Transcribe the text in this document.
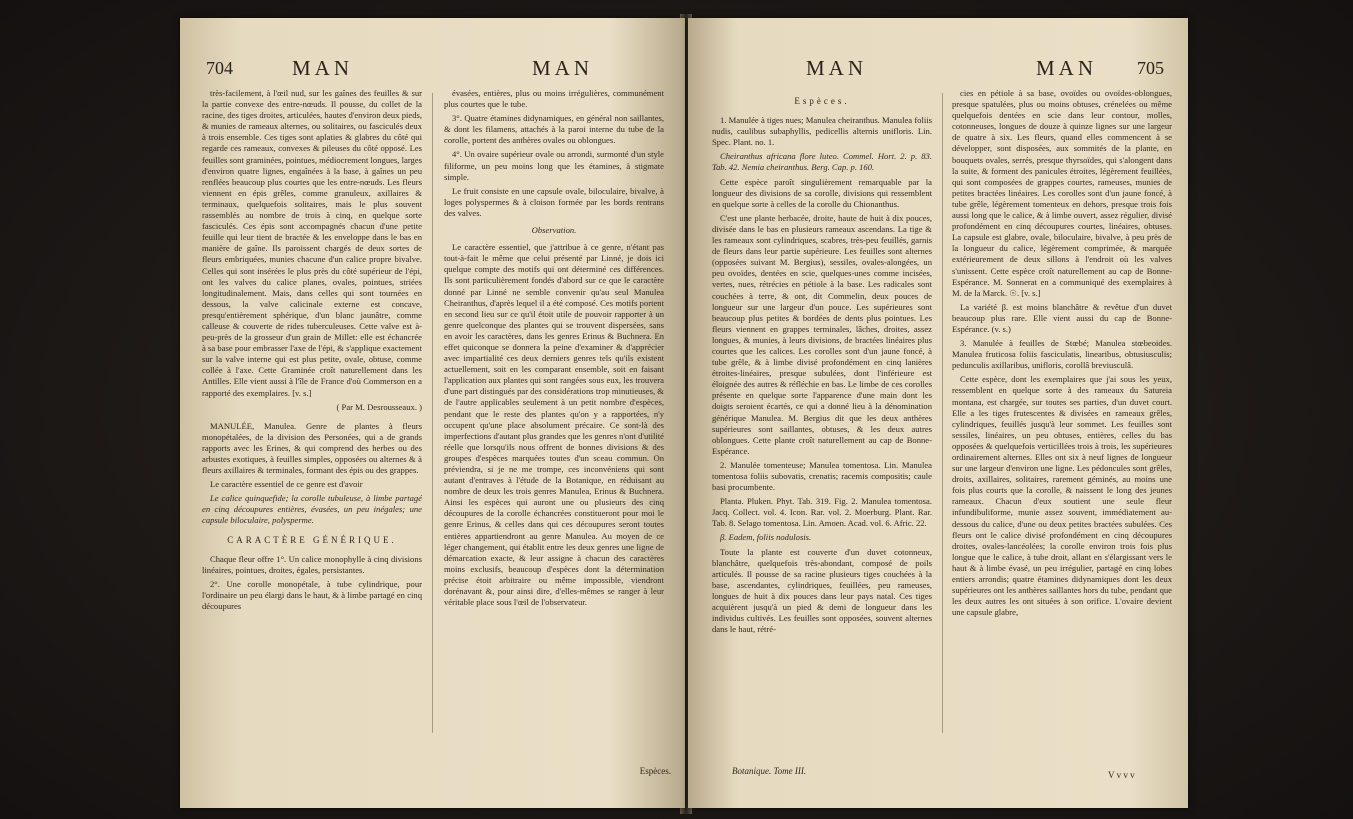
704	MAN	MAN

très-facilement, à l'œil nud, sur les gaînes des feuilles & sur la partie convexe des entre-nœuds. Il pousse, du collet de la racine, des tiges droites, articulées, hautes d'environ deux pieds, & munies de rameaux alternes, ou solitaires, ou fasciculés deux à trois ensemble. Ces tiges sont aplaties & glabres du côté qui regarde ces rameaux, convexes & pileuses du côté opposé. Les feuilles sont graminées, pointues, médiocrement longues, larges d'environ quatre lignes, engaînées à la base, à gaînes un peu renflées beaucoup plus courtes que les entre-nœuds. Les fleurs viennent en épis grêles, comme granuleux, axillaires & terminaux, quelquefois solitaires, mais le plus souvent rassemblés au nombre de trois à cinq, en quelque sorte fasciculés. Ces épis sont accompagnés chacun d'une petite feuille qui leur tient de bractée & les enveloppe dans le bas en manière de gaîne. Ils paroissent chargés de deux sortes de fleurs embriquées, munies chacune d'un calice propre bivalve. Celles qui sont insérées le plus près du côté supérieur de l'épi, ont les valves du calice planes, ovales, pointues, striées longitudinalement. Mais, dans celles qui sont tournées en dessous, la valve calicinale externe est concave, presqu'entièrement sphérique, d'un blanc jaunâtre, comme calleuse & couverte de rides tuberculeuses. Cette valve est à-peu-près de la grosseur d'un grain de Millet: elle est échancrée à sa base pour embrasser l'axe de l'épi, & s'applique exactement sur la valve interne qui est plus petite, ovale, obtuse, comme collée à l'axe. Cette Graminée croît naturellement dans les Antilles. Elle vient aussi à l'île de France d'où Commerson en a rapporté des exemplaires. [v. s.]

( Par M. Desrousseaux. )

MANULÉE, Manulea. Genre de plantes à fleurs monopétalées, de la division des Personées, qui a de grands rapports avec les Erines, & qui comprend des herbes ou des arbustes exotiques, à feuilles simples, opposées ou alternes & à fleurs axillaires & terminales, formant des épis ou des grappes.

Le caractère essentiel de ce genre est d'avoir

Le calice quinquefide; la corolle tubuleuse, à limbe partagé en cinq découpures entières, évasées, un peu inégales; une capsule biloculaire, polysperme.

CARACTÈRE GÉNÉRIQUE.

Chaque fleur offre 1°. Un calice monophylle à cinq divisions linéaires, pointues, droites, égales, persistantes.

2°. Une corolle monopétale, à tube cylindrique, pour l'ordinaire un peu élargi dans le haut, & à limbe partagé en cinq découpures

évasées, entières, plus ou moins irrégulières, communément plus courtes que le tube.

3°. Quatre étamines didynamiques, en général non saillantes, & dont les filamens, attachés à la paroi interne du tube de la corolle, portent des anthères ovales ou oblongues.

4°. Un ovaire supérieur ovale ou arrondi, surmonté d'un style filiforme, un peu moins long que les étamines, à stigmate simple.

Le fruit consiste en une capsule ovale, biloculaire, bivalve, à loges polyspermes & à cloison formée par les bords rentrans des valves.

Observation.

Le caractère essentiel, que j'attribue à ce genre, n'étant pas tout-à-fait le même que celui présenté par Linné, je dois ici quelque compte des motifs qui ont déterminé ces différences. Ils sont particulièrement fondés d'abord sur ce que le caractère donné par Linné ne semble convenir qu'au seul Manulea Cheiranthus, d'après lequel il a été composé. Ces motifs portent en second lieu sur ce qu'il étoit utile de pouvoir rapporter à un genre quelconque des plantes qui se trouvent dispersées, sans en avoir les caractères, dans les genres Erinus & Buchnera. En effet quiconque se donnera la peine d'examiner & d'apprécier avec impartialité ces deux derniers genres tels qu'ils existent actuellement, soit en les comparant ensemble, soit en faisant l'application aux plantes qui sont rangées sous eux, les trouvera d'une part distingués par des considérations trop minutieuses, & de l'autre applicables seulement à un petit nombre d'espèces, pendant que le reste des plantes qu'on y a rapportées, n'y occupent qu'une place absolument précaire. Ce sont-là des imperfections d'autant plus grandes que les genres n'ont d'utilité réelle que lorsqu'ils nous offrent de bonnes divisions & des groupes d'espèces marquées toutes d'un sceau commun. On préviendra, si je ne me trompe, ces inconvéniens qui sont autant d'entraves à l'étude de la Botanique, en réduisant au nombre de deux les trois genres Manulea, Erinus & Buchnera. Ainsi les espèces qui auront une ou plusieurs des cinq découpures de la corolle échancrées constitueront pour moi le genre Erinus, & celles dans qui ces découpures seront toutes entières appartiendront au genre Manulea. Au moyen de ce léger changement, qui établit entre les deux genres une ligne de démarcation exacte, & leur assigne à chacun des caractères moins exclusifs, beaucoup d'espèces dont la détermination précise étoit arbitraire ou même impossible, viendront dorénavant &, pour ainsi dire, d'elles-mêmes se ranger à leur véritable place sous l'œil de l'observateur.

Espèces.
MAN	MAN 705

Espèces.

1. Manulée à tiges nues; Manulea cheiranthus. Manulea foliis nudis, caulibus subaphyllis, pedicellis alternis unifloris. Lin. Spec. Plant. no. 1.

Cheiranthus africana flore luteo. Commel. Hort. 2. p. 83. Tab. 42. Nemia cheiranthus. Berg. Cap. p. 160.

Cette espèce paroît singulièrement remarquable par la longueur des divisions de sa corolle, divisions qui ressemblent en quelque sorte à celles de la corolle du Chionanthus.

C'est une plante herbacée, droite, haute de huit à dix pouces, divisée dans le bas en plusieurs rameaux ascendans. La tige & les rameaux sont cylindriques, scabres, très-peu feuillés, garnis de fleurs dans leur partie supérieure. Les feuilles sont alternes (opposées suivant M. Bergius), sessiles, ovales-alongées, un peu ovoïdes, dentées en scie, quelques-unes comme incisées, vertes, nues, rétrécies en pétiole à la base. Les radicales sont couchées à terre, & ont, dit Commelin, deux pouces de longueur sur une largeur d'un pouce. Les supérieures sont beaucoup plus petites & bordées de dents plus pointues. Les fleurs viennent en grappes terminales, lâches, droites, assez longues, & munies, à leurs divisions, de bractées linéaires plus courtes que les calices. Les corolles sont d'un jaune foncé, à tube grêle, & à limbe divisé profondément en cinq lanières étroites-linéaires, presque subulées, dont l'inférieure est éloignée des autres & réfléchie en bas. Le limbe de ces corolles présente en quelque sorte l'apparence d'une main dont les doigts seroient écartés, ce qui a donné lieu à la dénomination générique Manulea. M. Bergius dit que les deux anthères supérieures sont saillantes, obtuses, & les deux autres oblongues. Cette plante croît naturellement au cap de Bonne-Espérance.

2. Manulée tomenteuse; Manulea tomentosa. Lin. Manulea tomentosa foliis subovatis, crenatis; racemis compositis; caule basi procumbente.

Planta. Pluken. Phyt. Tab. 319. Fig. 2. Manulea tomentosa. Jacq. Collect. vol. 4. Icon. Rar. vol. 2. Moerburg. Plant. Rar. Tab. 8. Selago tomentosa. Lin. Amoen. Acad. vol. 6. Afric. 22.

β. Eadem, foliis nodulosis.

Toute la plante est couverte d'un duvet cotonneux, blanchâtre, quelquefois très-abondant, composé de poils articulés. Il pousse de sa racine plusieurs tiges couchées à la base, ascendantes, cylindriques, feuillées, peu rameuses, longues de huit à dix pouces dans leur pays natal. Ces tiges acquièrent jusqu'à un pied & demi de longueur dans les individus cultivés. Les feuilles sont opposées, souvent alternes dans le haut, rétré-

cies en pétiole à sa base, ovoïdes ou ovoïdes-oblongues, presque spatulées, plus ou moins obtuses, crénelées ou même quelquefois dentées en scie dans leur contour, molles, cotonneuses, longues de douze à quinze lignes sur une largeur de quatre à six. Les fleurs, quand elles commencent à se développer, sont disposées, aux sommités de la plante, en bouquets ovales, serrés, presque thyrsoïdes, qui s'alongent dans la suite, & forment des panicules étroites, légèrement feuillées, qui sont composées de grappes courtes, rameuses, munies de petites bractées linéaires. Les corolles sont d'un jaune foncé, à tube grêle, légèrement tomenteux en dehors, presque trois fois aussi long que le calice, & à limbe ouvert, assez régulier, divisé profondément en cinq découpures courtes, linéaires, obtuses. La capsule est glabre, ovale, biloculaire, bivalve, à peu près de la longueur du calice, légèrement comprimée, & marquée extérieurement de deux sillons à l'endroit où les valves s'unissent. Cette espèce croît naturellement au cap de Bonne-Espérance. M. Sonnerat en a communiqué des exemplaires à M. de la Marck. ☉. [v. s.]

La variété β. est moins blanchâtre & revêtue d'un duvet beaucoup plus rare. Elle vient aussi du cap de Bonne-Espérance. (v. s.)

3. Manulée à feuilles de Stœbé; Manulea stœbeoides. Manulea fruticosa foliis fasciculatis, linearibus, obtusiusculis; pedunculis axillaribus, unifloris, corollâ breviusculâ.

Cette espèce, dont les exemplaires que j'ai sous les yeux, ressemblent en quelque sorte à des rameaux du Satureia montana, est chargée, sur toutes ses parties, d'un duvet court. Elle a les tiges frutescentes & divisées en rameaux grêles, cylindriques, feuillés jusqu'à leur sommet. Les feuilles sont sessiles, linéaires, un peu obtuses, entières, celles du bas opposées & quelquefois verticillées trois à trois, les supérieures ordinairement alternes. Elles ont six à neuf lignes de longueur sur une largeur d'environ une ligne. Les pédoncules sont grêles, droits, axillaires, solitaires, rarement géminés, au moins une fois plus courts que la corolle, & naissent le long des jeunes rameaux. Chacun d'eux soutient une seule fleur infundibuliforme, munie assez souvent, immédiatement au-dessous du calice, d'une ou deux petites bractées subulées. Ces fleurs ont le calice divisé profondément en cinq découpures droites, ovales-lancéolées; la corolle environ trois fois plus longue que le calice, à tube droit, allant en s'élargissant vers le haut & à limbe évasé, un peu irrégulier, partagé en cinq lobes entiers arrondis; quatre étamines didynamiques dont les deux supérieures ont les anthères saillantes hors du tube, pendant que les deux autres les ont situées à son orifice. L'ovaire devient une capsule glabre,

Botanique. Tome III.	V v v v
